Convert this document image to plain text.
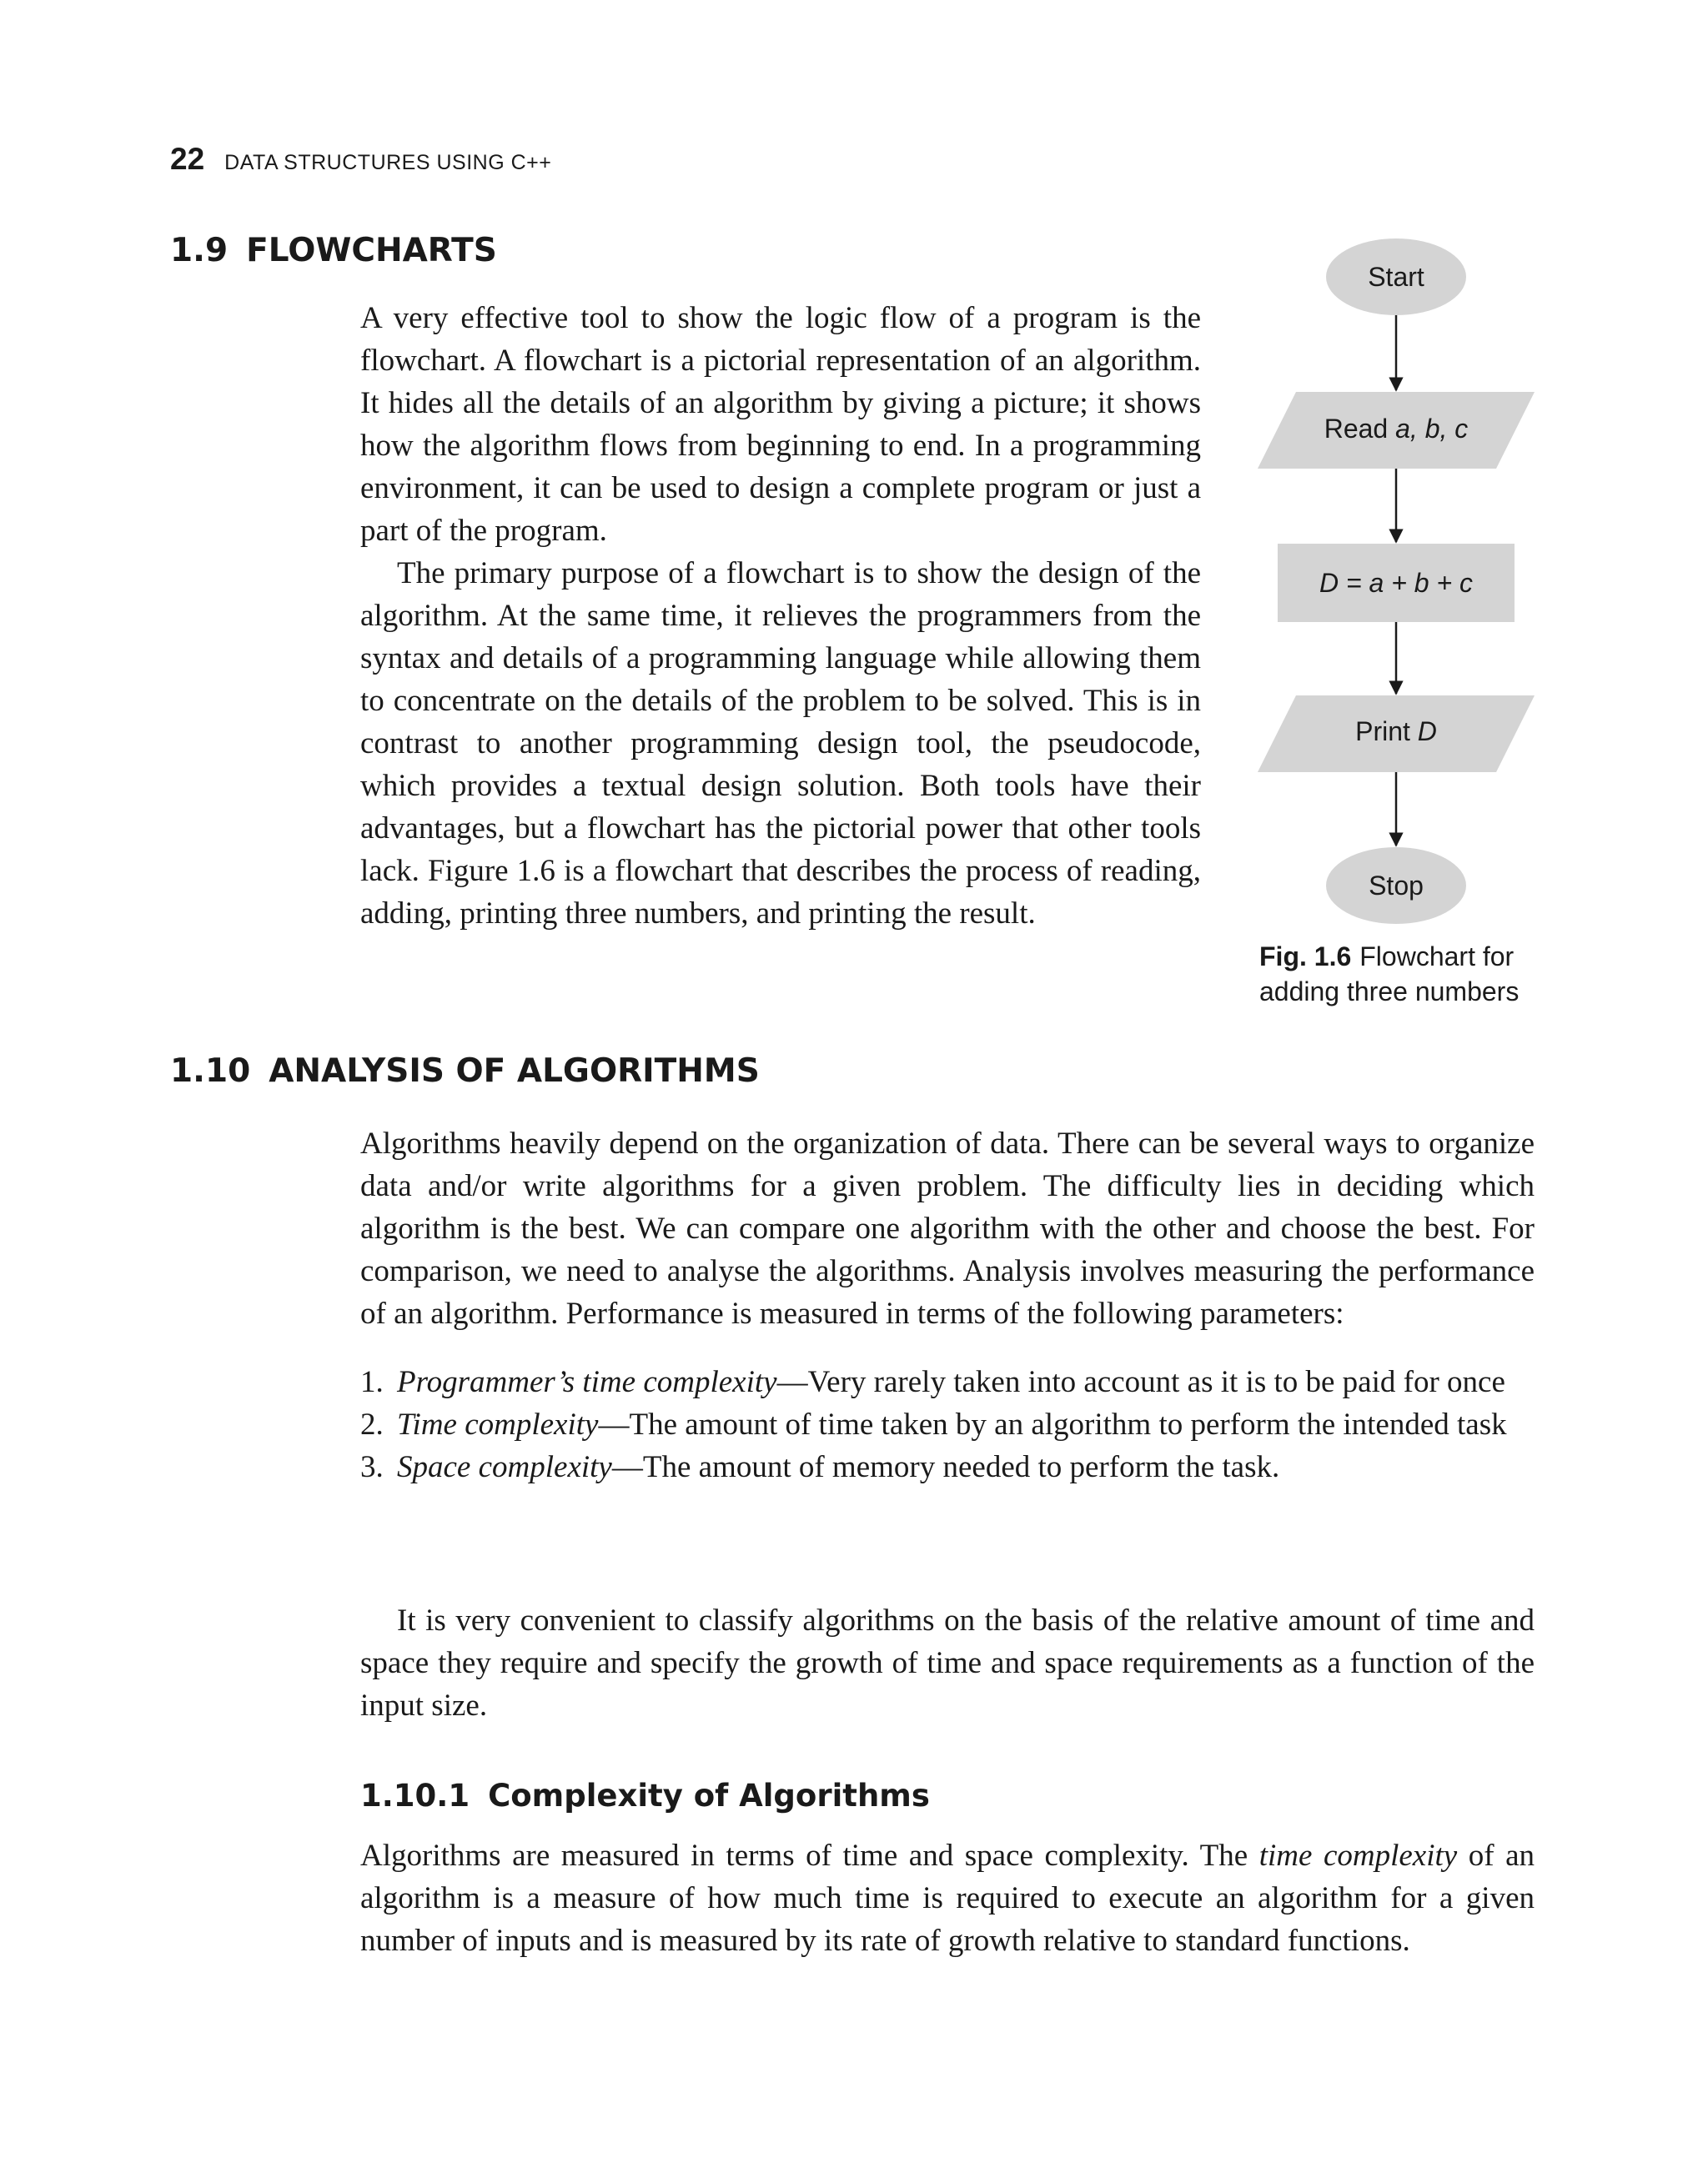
22 DATA STRUCTURES USING C++
1.9 FLOWCHARTS

A very effective tool to show the logic flow of a program is the flowchart. A flowchart is a pictorial representation of an algorithm. It hides all the details of an algorithm by giving a picture; it shows how the algorithm flows from beginning to end. In a programming environment, it can be used to design a complete program or just a part of the program.

The primary purpose of a flowchart is to show the design of the algorithm. At the same time, it relieves the programmers from the syntax and details of a programming language while allowing them to concentrate on the details of the problem to be solved. This is in contrast to another programming design tool, the pseudocode, which provides a textual design solution. Both tools have their advantages, but a flowchart has the pictorial power that other tools lack. Figure 1.6 is a flowchart that describes the process of reading, adding, printing three numbers, and printing the result.

Start
Read a, b, c
D = a + b + c
Print D
Stop
Fig. 1.6 Flowchart for
adding three numbers
1.10 ANALYSIS OF ALGORITHMS

Algorithms heavily depend on the organization of data. There can be several ways to organize data and/or write algorithms for a given problem. The difficulty lies in deciding which algorithm is the best. We can compare one algorithm with the other and choose the best. For comparison, we need to analyse the algorithms. Analysis involves measuring the performance of an algorithm. Performance is measured in terms of the following parameters:

1. Programmer’s time complexity—Very rarely taken into account as it is to be paid for once
2. Time complexity—The amount of time taken by an algorithm to perform the intended task
3. Space complexity—The amount of memory needed to perform the task.

It is very convenient to classify algorithms on the basis of the relative amount of time and space they require and specify the growth of time and space requirements as a function of the input size.

1.10.1 Complexity of Algorithms

Algorithms are measured in terms of time and space complexity. The time complexity of an algorithm is a measure of how much time is required to execute an algorithm for a given number of inputs and is measured by its rate of growth relative to standard functions.
